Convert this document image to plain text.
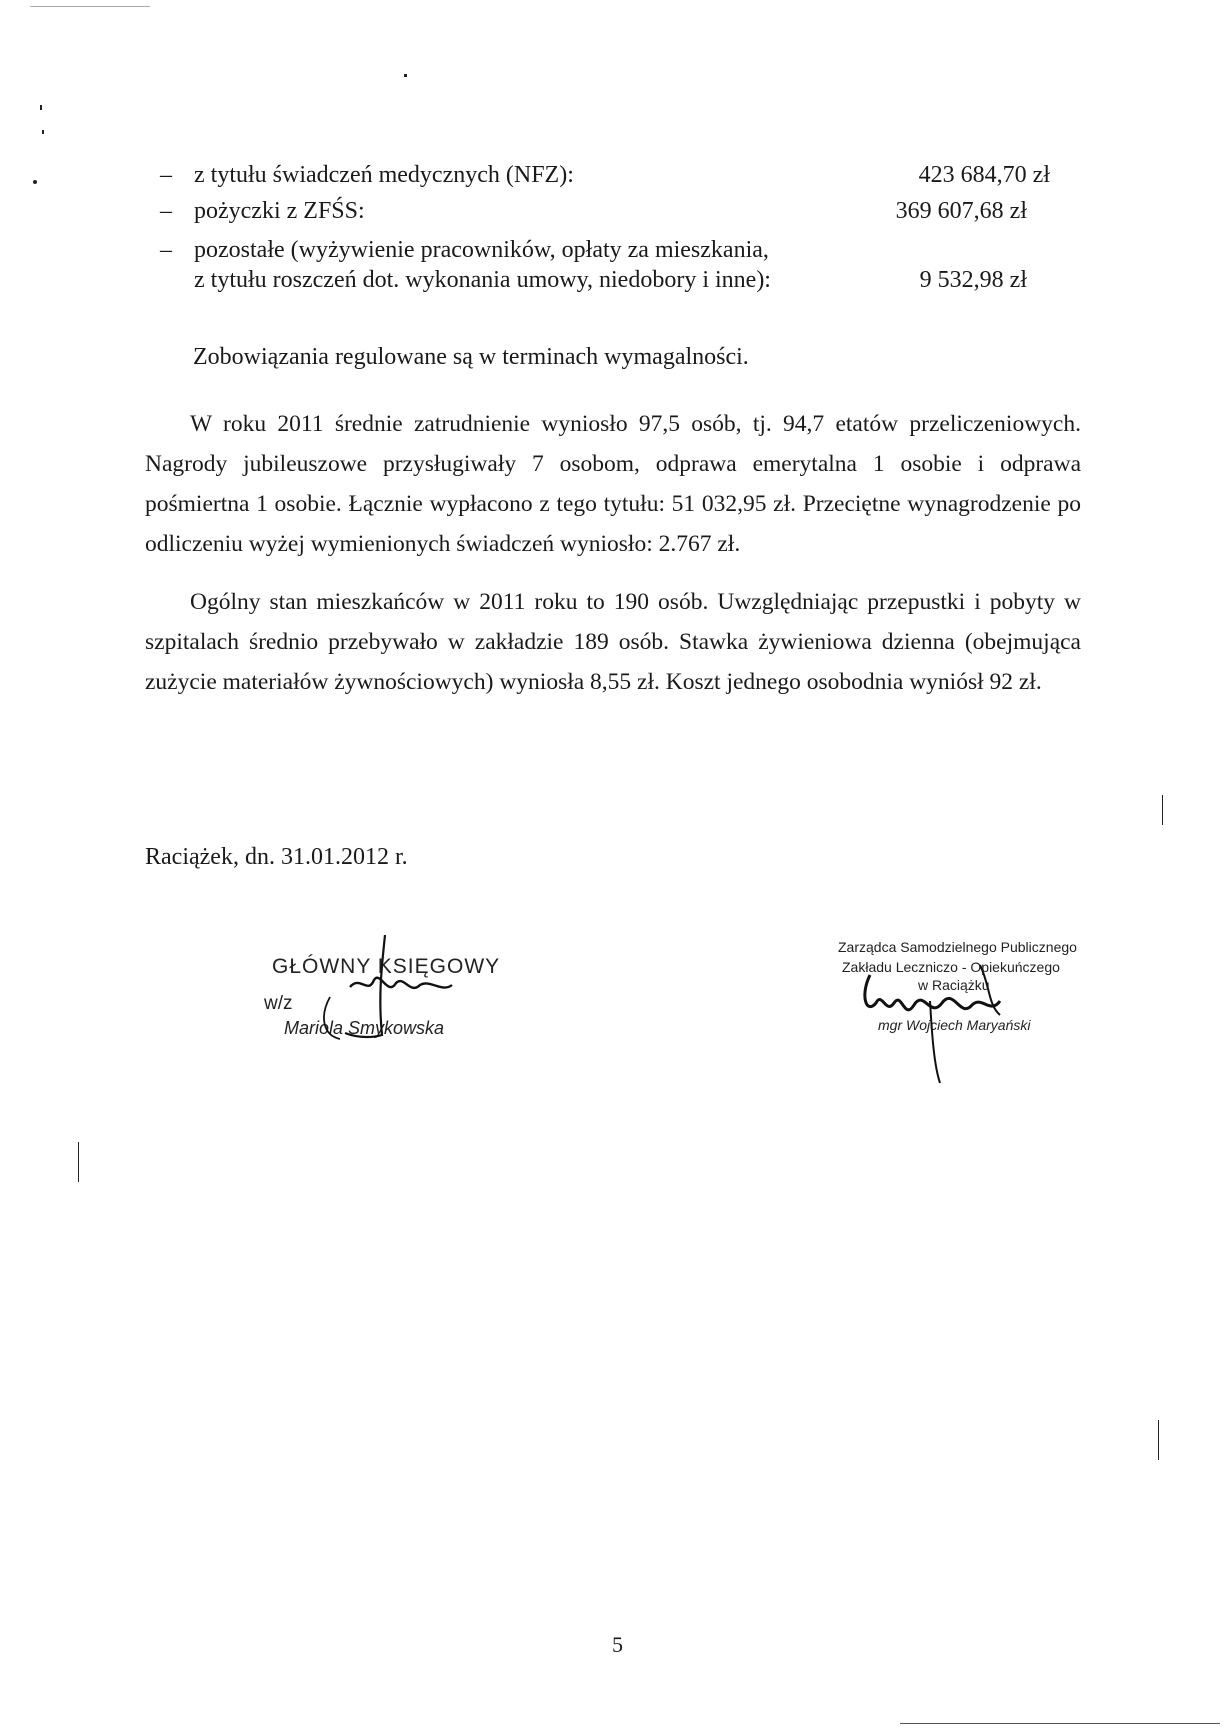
– z tytułu świadczeń medycznych (NFZ):	423 684,70 zł
– pożyczki z ZFŚS:	369 607,68 zł
– pozostałe (wyżywienie pracowników, opłaty za mieszkania,
z tytułu roszczeń dot. wykonania umowy, niedobory i inne):	9 532,98 zł
Zobowiązania regulowane są w terminach wymagalności.
W roku 2011 średnie zatrudnienie wyniosło 97,5 osób, tj. 94,7 etatów przeliczeniowych. Nagrody jubileuszowe przysługiwały 7 osobom, odprawa emerytalna 1 osobie i odprawa pośmiertna 1 osobie. Łącznie wypłacono z tego tytułu: 51 032,95 zł. Przeciętne wynagrodzenie po odliczeniu wyżej wymienionych świadczeń wyniosło: 2.767 zł.
Ogólny stan mieszkańców w 2011 roku to 190 osób. Uwzględniając przepustki i pobyty w szpitalach średnio przebywało w zakładzie 189 osób. Stawka żywieniowa dzienna (obejmująca zużycie materiałów żywnościowych) wyniosła 8,55 zł. Koszt jednego osobodnia wyniósł 92 zł.
Raciążek, dn. 31.01.2012 r.
GŁÓWNY KSIĘGOWY
w/z
Mariola Smykowska
Zarządca Samodzielnego Publicznego
Zakładu Leczniczo - Opiekuńczego
w Raciążku
mgr Wojciech Maryański
5
